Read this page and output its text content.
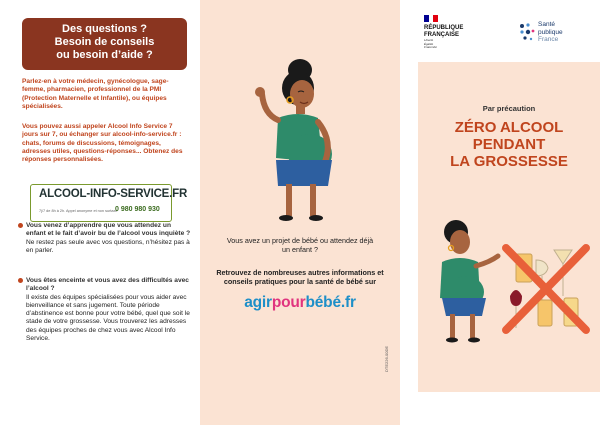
Des questions ?
Besoin de conseils
ou besoin d’aide ?
Parlez-en à votre médecin, gynécologue, sage-femme, pharmacien, professionnel de la PMI (Protection Maternelle et Infantile), ou équipes spécialisées.
Vous pouvez aussi appeler Alcool Info Service 7 jours sur 7, ou échanger sur alcool-info-service.fr : chats, forums de discussions, témoignages, adresses utiles, questions-réponses... Obtenez des réponses personnalisées.
ALCOOL-INFO-SERVICE.FR
7j/7 de 8h à 2h. Appel anonyme et non surtaxé
0 980 980 930
Vous venez d’apprendre que vous attendez un enfant et le fait d’avoir bu de l’alcool vous inquiète ?
Ne restez pas seule avec vos questions, n’hésitez pas à en parler.
Vous êtes enceinte et vous avez des difficultés avec l’alcool ?
Il existe des équipes spécialisées pour vous aider avec bienveillance et sans jugement. Toute période d’abstinence est bonne pour votre bébé, quel que soit le stade de votre grossesse. Vous trouverez les adresses des équipes proches de chez vous avec Alcool Info Service.
Vous avez un projet de bébé ou attendez déjà un enfant ?
Retrouvez de nombreuses autres informations et conseils pratiques pour la santé de bébé sur
agirpourbébé.fr
DTE226-00DE
RÉPUBLIQUE
FRANÇAISE
Liberté
Égalité
Fraternité
Santé
publique
France
Par précaution
ZÉRO ALCOOL
PENDANT
LA GROSSESSE
